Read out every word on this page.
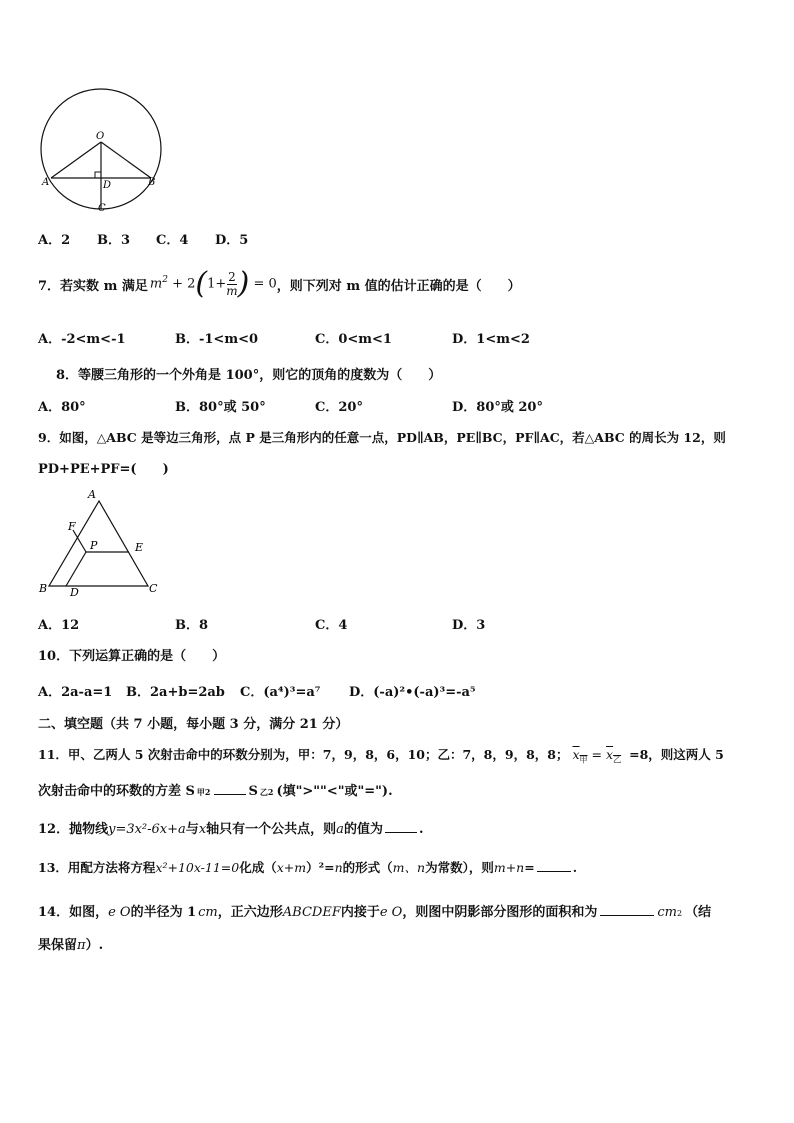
O
A	B
D
C
A．2 B．3 C．4 D．5
7．若实数 m 满足 $m^2 + 2(1+ \frac{2}{m}$ ) = 0 ，则下列对 m 值的估计正确的是（　　）
A．-2<m<-1	B．-1<m<0	C．0<m<1	D．1<m<2
8．等腰三角形的一个外角是 100°，则它的顶角的度数为（　　）
A．80°	B．80°或 50°	C．20°	D．80°或 20°
9．如图，△ABC 是等边三角形，点 P 是三角形内的任意一点，PD∥AB，PE∥BC，PF∥AC，若△ABC 的周长为 12，则
PD+PE+PF=(　　)
A
F
P	E
B D	C
A．12	B．8	C．4	D．3
10．下列运算正确的是（　　）
A．2a-a=1 B．2a+b=2ab C．(a⁴)³=a⁷ D．(-a)²•(-a)³=-a⁵
二、填空题（共 7 小题，每小题 3 分，满分 21 分）
11．甲、乙两人 5 次射击命中的环数分别为，甲：7，9，8，6，10；乙：7，8，9，8，8； $x_甲 = x_乙 =8$，则这两人 5
次射击命中的环数的方差 S $_甲$ 2	S 乙 2 (填">""<"或"=").
12．抛物线 y=3x²-6x+a 与 x 轴只有一个公共点，则 a 的值为	.
13．用配方法将方程 x²+10x-11=0 化成（ x+m ）²= n 的形式（ m、n 为常数），则 m+n =	.
14．如图， e O 的半径为 1 cm ，正六边形 ABCDEF 内接于 e O ，则图中阴影部分图形的面积和为	cm 2 （结
果保留 π ）.
